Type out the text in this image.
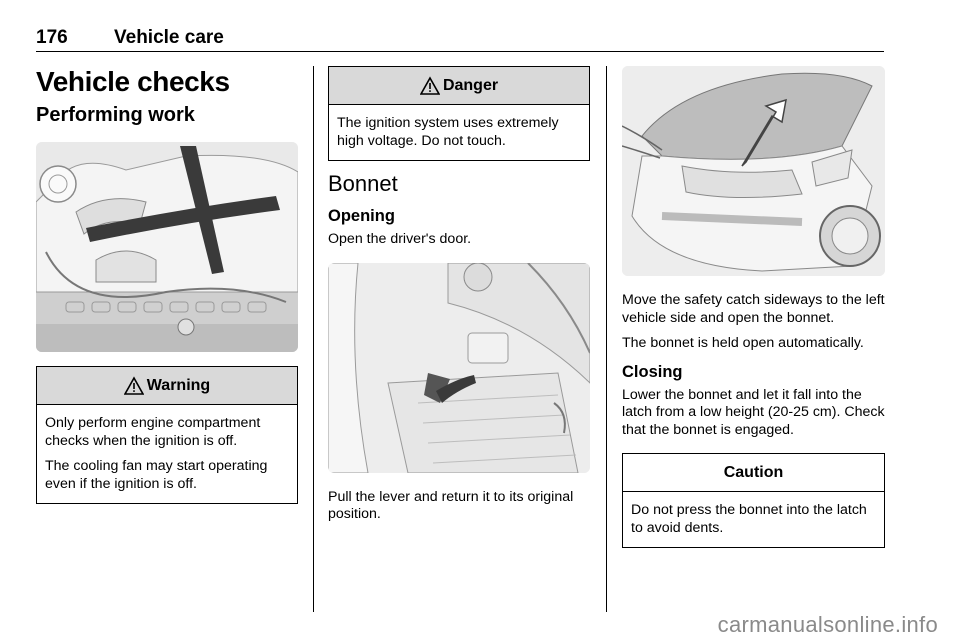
176 Vehicle care
Vehicle checks
Performing work
Warning

Only perform engine compartment checks when the ignition is off.

The cooling fan may start operating even if the ignition is off.

Danger

The ignition system uses extremely high voltage. Do not touch.

Bonnet
Opening

Open the driver's door.

Pull the lever and return it to its original position.

Move the safety catch sideways to the left vehicle side and open the bonnet.

The bonnet is held open automatically.

Closing

Lower the bonnet and let it fall into the latch from a low height (20-25 cm). Check that the bonnet is engaged.

Caution

Do not press the bonnet into the latch to avoid dents.

carmanualsonline.info
